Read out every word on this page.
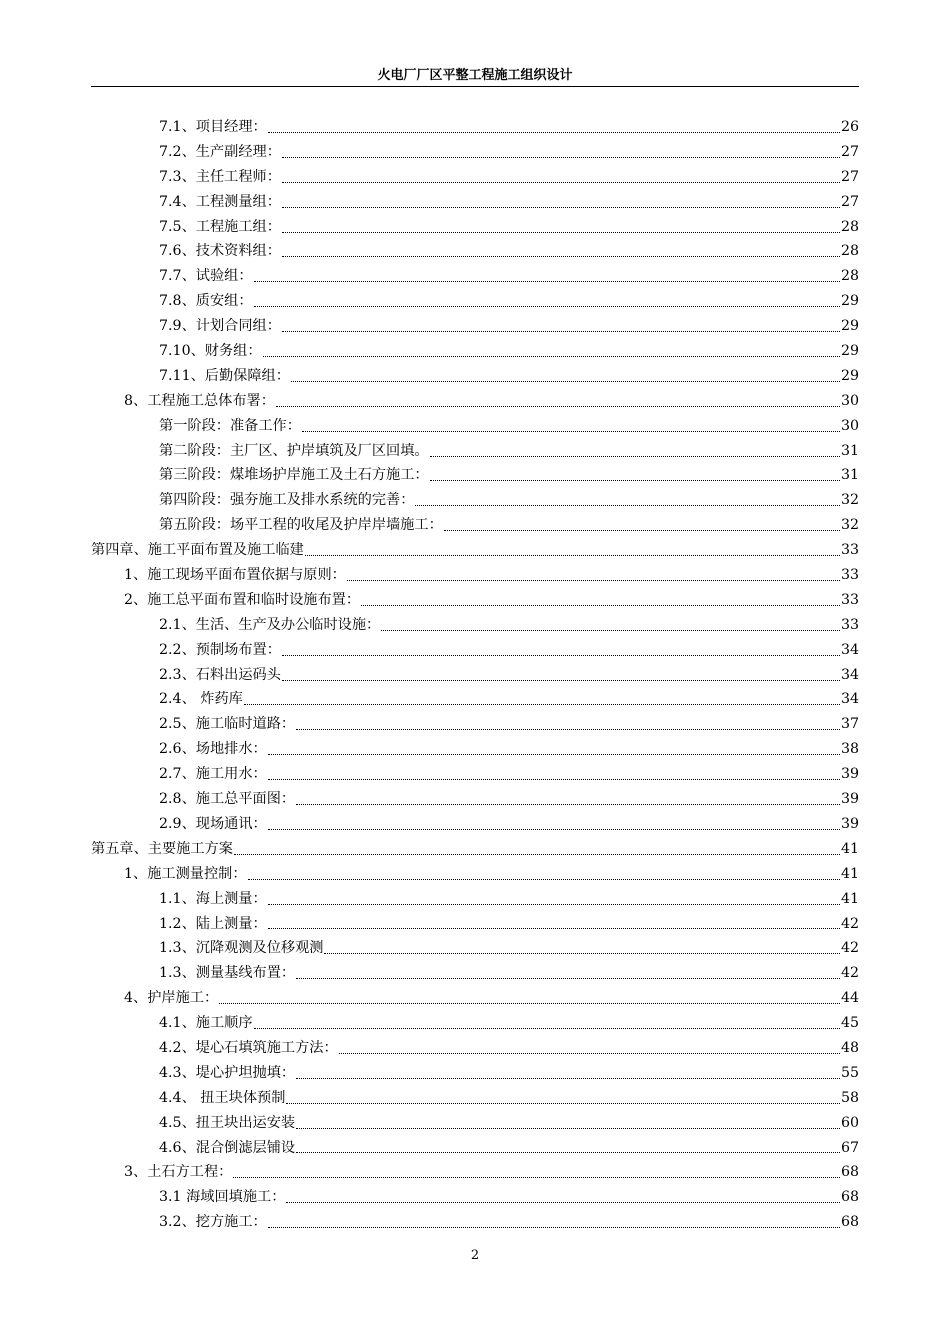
火电厂厂区平整工程施工组织设计
7.1、项目经理：	26
7.2、生产副经理：	27
7.3、主任工程师：	27
7.4、工程测量组：	27
7.5、工程施工组：	28
7.6、技术资料组：	28
7.7、试验组：	28
7.8、质安组：	29
7.9、计划合同组：	29
7.10、财务组：	29
7.11、后勤保障组：	29
8、工程施工总体布署：	30
第一阶段：准备工作：	30
第二阶段：主厂区、护岸填筑及厂区回填。	31
第三阶段：煤堆场护岸施工及土石方施工：	31
第四阶段：强夯施工及排水系统的完善：	32
第五阶段：场平工程的收尾及护岸岸墙施工：	32
第四章、施工平面布置及施工临建	33
1、施工现场平面布置依据与原则：	33
2、施工总平面布置和临时设施布置：	33
2.1、生活、生产及办公临时设施：	33
2.2、预制场布置：	34
2.3、石料出运码头	34
2.4、 炸药库	34
2.5、施工临时道路：	37
2.6、场地排水：	38
2.7、施工用水：	39
2.8、施工总平面图：	39
2.9、现场通讯：	39
第五章、主要施工方案	41
1、施工测量控制：	41
1.1、海上测量：	41
1.2、陆上测量：	42
1.3、沉降观测及位移观测	42
1.3、测量基线布置：	42
4、护岸施工：	44
4.1、施工顺序	45
4.2、堤心石填筑施工方法：	48
4.3、堤心护坦抛填：	55
4.4、 扭王块体预制	58
4.5、扭王块出运安装	60
4.6、混合倒滤层铺设	67
3、土石方工程：	68
3.1 海域回填施工：	68
3.2、挖方施工：	68
2
